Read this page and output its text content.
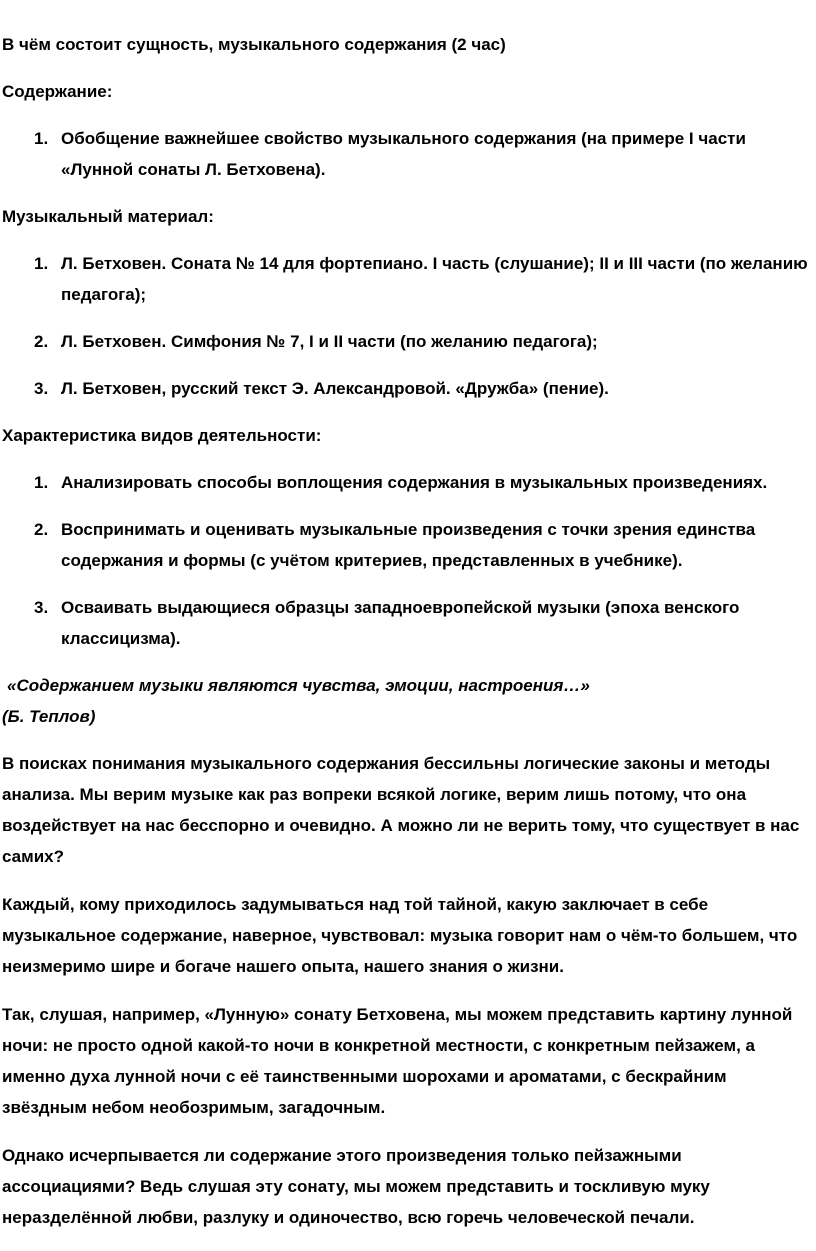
В чём состоит сущность, музыкального содержания (2 час)

Содержание:

1. Обобщение важнейшее свойство музыкального содержания (на примере I части «Лунной сонаты Л. Бетховена).

Музыкальный материал:

1. Л. Бетховен. Соната № 14 для фортепиано. I часть (слушание); II и III части (по желанию педагога);
2. Л. Бетховен. Симфония № 7, I и II части (по желанию педагога);
3. Л. Бетховен, русский текст Э. Александровой. «Дружба» (пение).

Характеристика видов деятельности:

1. Анализировать способы воплощения содержания в музыкальных произведениях.
2. Воспринимать и оценивать музыкальные произведения с точки зрения единства содержания и формы (с учётом критериев, представленных в учебнике).
3. Осваивать выдающиеся образцы западноевропейской музыки (эпоха венского классицизма).
«Содержанием музыки являются чувства, эмоции, настроения…»
(Б. Теплов)

В поисках понимания музыкального содержания бессильны логические законы и методы анализа. Мы верим музыке как раз вопреки всякой логике, верим лишь потому, что она воздействует на нас бесспорно и очевидно. А можно ли не верить тому, что существует в нас самих?

Каждый, кому приходилось задумываться над той тайной, какую заключает в себе музыкальное содержание, наверное, чувствовал: музыка говорит нам о чём-то большем, что неизмеримо шире и богаче нашего опыта, нашего знания о жизни.

Так, слушая, например, «Лунную» сонату Бетховена, мы можем представить картину лунной ночи: не просто одной какой-то ночи в конкретной местности, с конкретным пейзажем, а именно духа лунной ночи с её таинственными шорохами и ароматами, с бескрайним звёздным небом необозримым, загадочным.

Однако исчерпывается ли содержание этого произведения только пейзажными ассоциациями? Ведь слушая эту сонату, мы можем представить и тоскливую муку неразделённой любви, разлуку и одиночество, всю горечь человеческой печали.
